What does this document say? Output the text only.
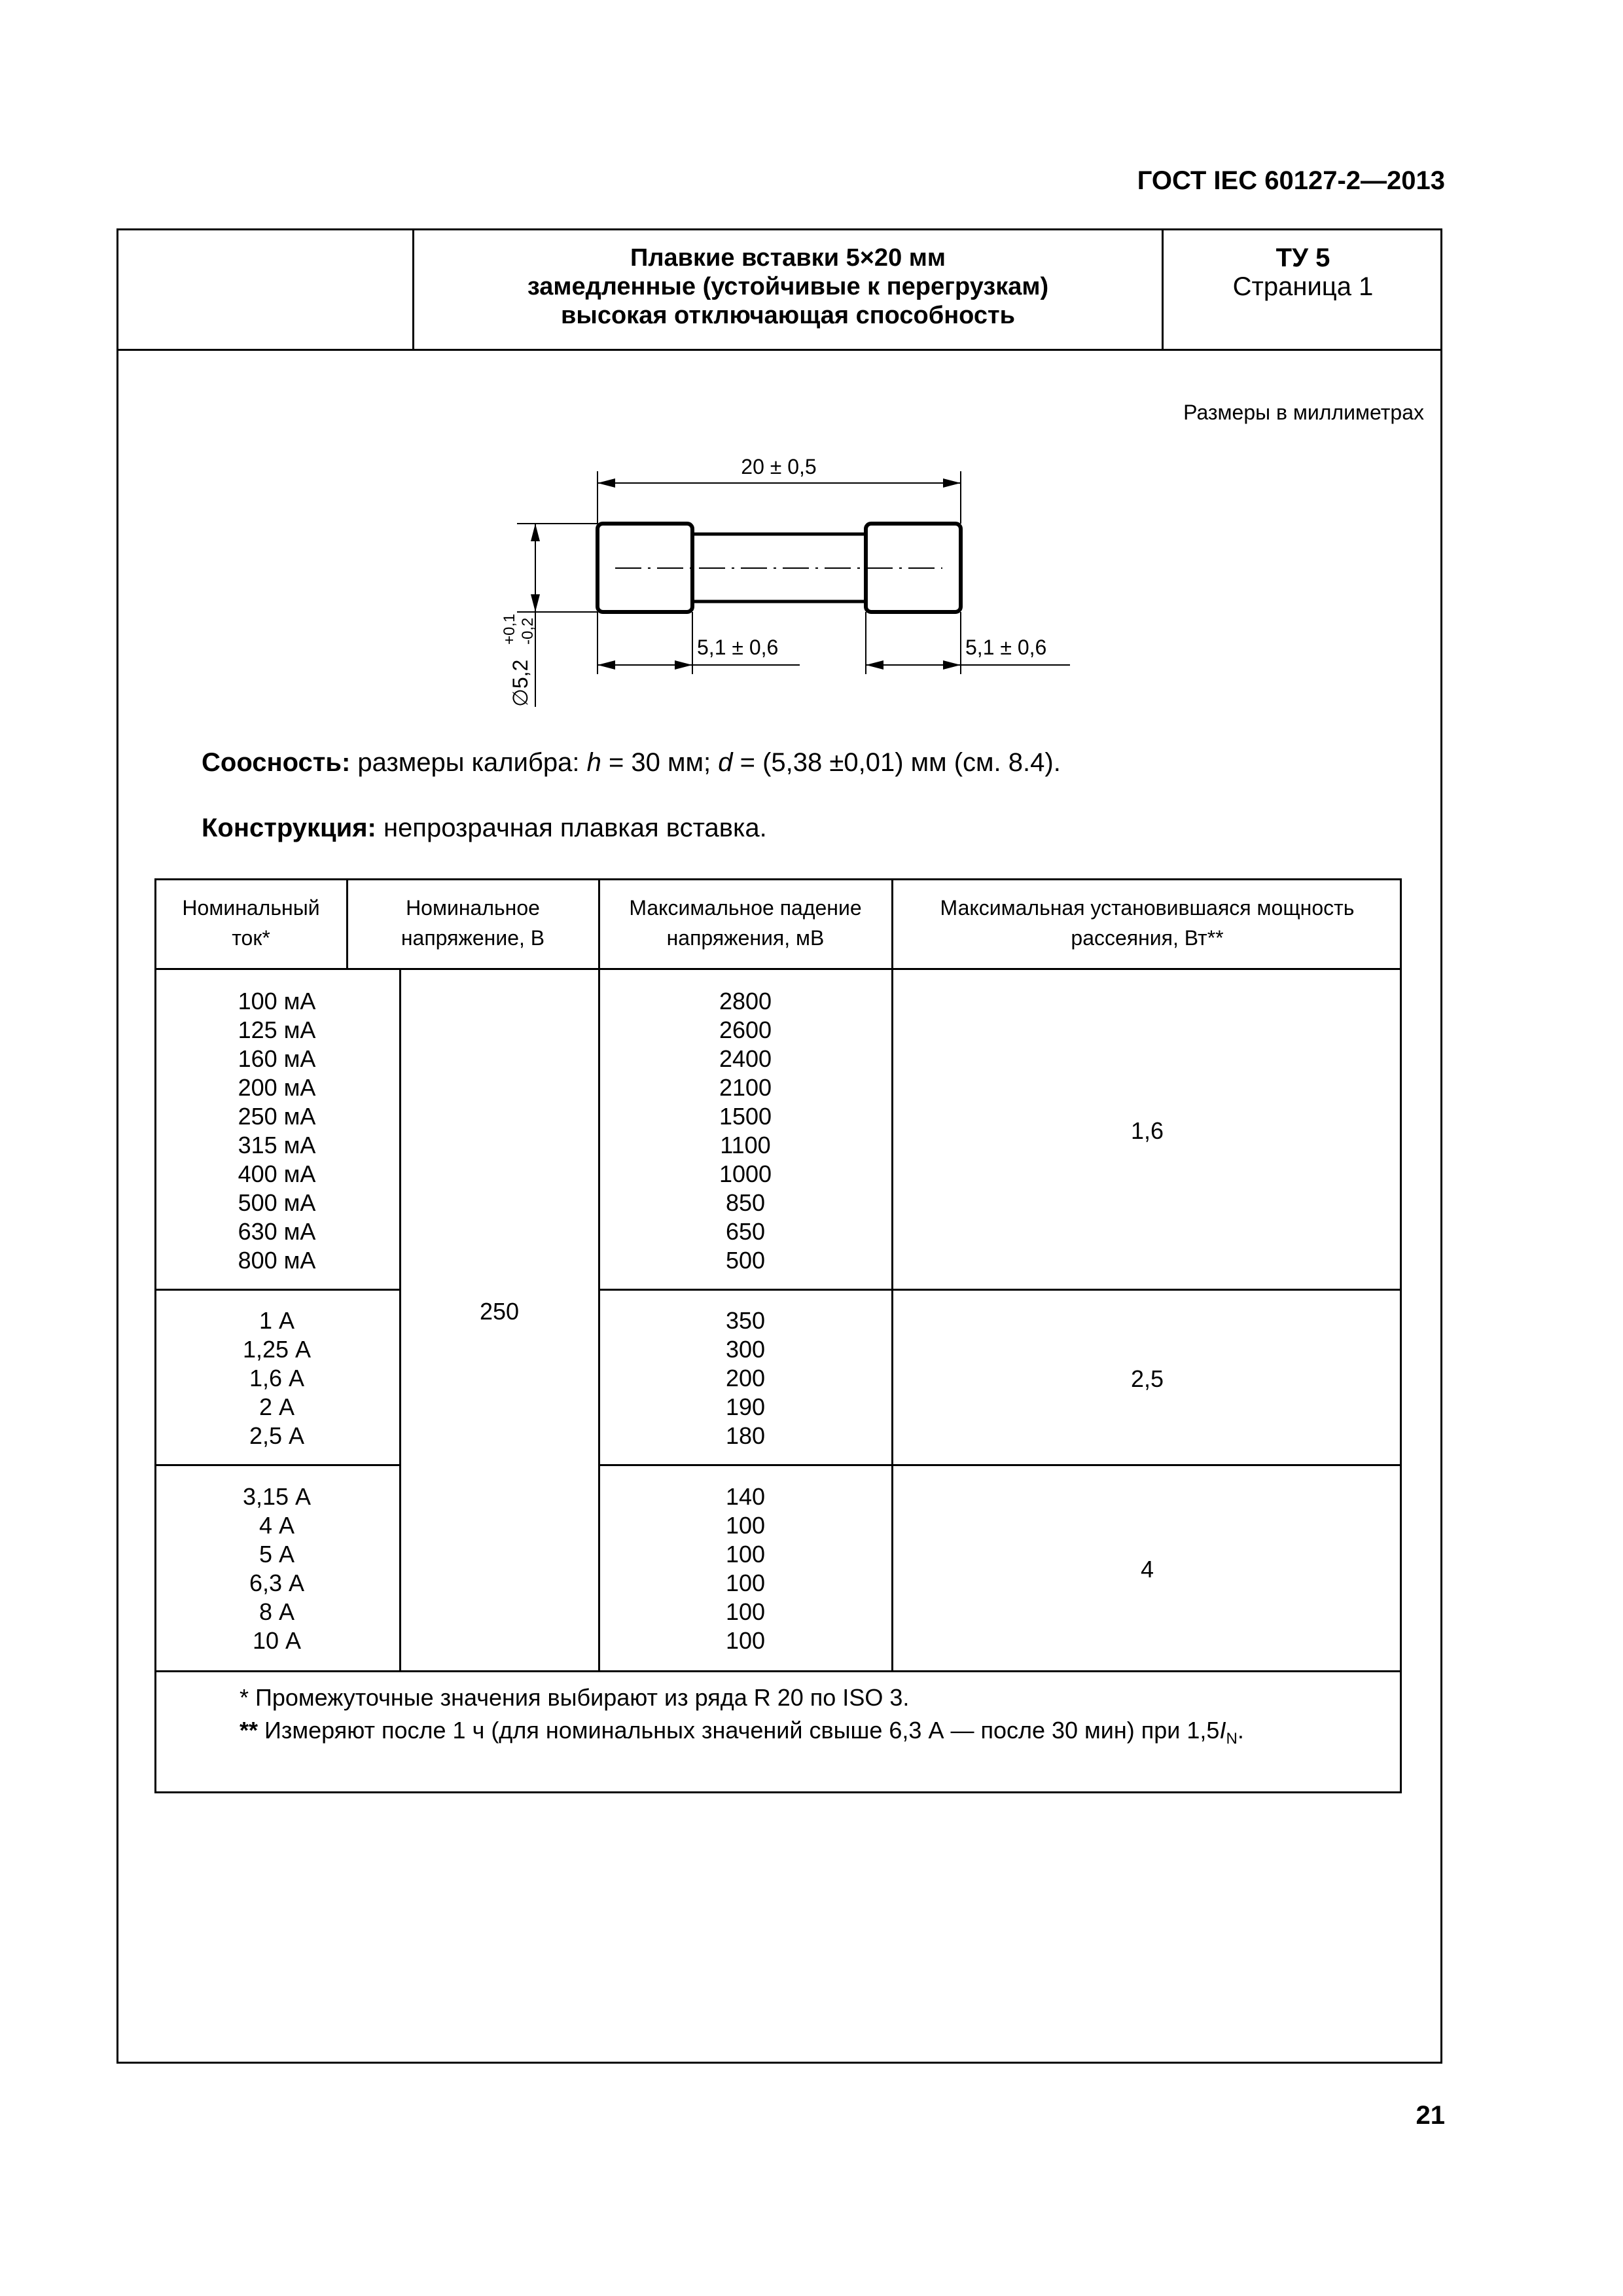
ГОСТ IEC 60127-2—2013
Плавкие вставки 5×20 мм
замедленные (устойчивые к перегрузкам)
высокая отключающая способность
ТУ 5
Страница 1
Размеры в миллиметрах
20 ± 0,5
5,1 ± 0,6	5,1 ± 0,6
∅5,2
+0,1 -0,2
Соосность: размеры калибра: h = 30 мм; d = (5,38 ±0,01) мм (см. 8.4).
Конструкция: непрозрачная плавкая вставка.
Номинальный
ток*
Номинальное
напряжение, В
Максимальное падение
напряжения, мВ
Максимальная установившаяся мощность
рассеяния, Вт**
250
100 мА
125 мА
160 мА
200 мА
250 мА
315 мА
400 мА
500 мА
630 мА
800 мА
2800
2600
2400
2100
1500
1100
1000
850
650
500
1,6
1 А
1,25 А
1,6 А
2 А
2,5 А
350
300
200
190
180
2,5
3,15 А
4 А
5 А
6,3 А
8 А
10 А
140
100
100
100
100
100
4
* Промежуточные значения выбирают из ряда R 20 по ISO 3.
** Измеряют после 1 ч (для номинальных значений свыше 6,3 А — после 30 мин) при $1,5I_N$.
21
